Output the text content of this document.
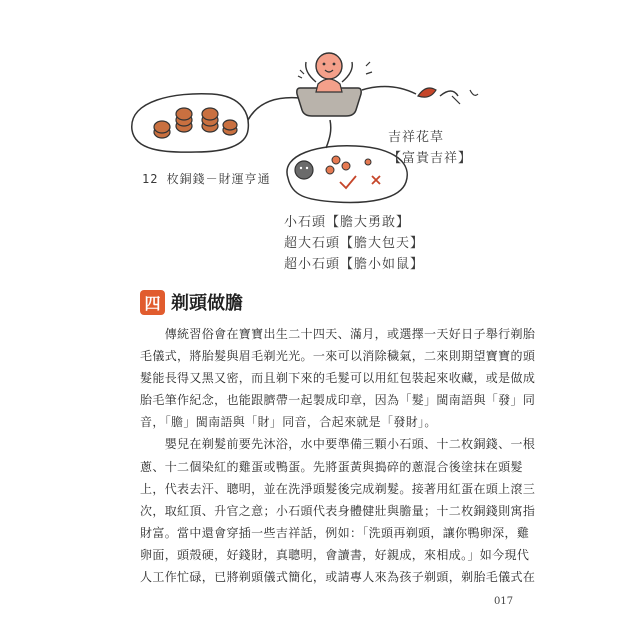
12 枚銅錢－財運亨通

吉祥花草
【富貴吉祥】
小石頭【膽大勇敢】
超大石頭【膽大包天】
超小石頭【膽小如鼠】
四 剃頭做膽

　　傳統習俗會在寶寶出生二十四天、滿月，或選擇一天好日子舉行剃胎

毛儀式，將胎髮與眉毛剃光光。一來可以消除穢氣，二來則期望寶寶的頭

髮能長得又黑又密，而且剃下來的毛髮可以用紅包裝起來收藏，或是做成

胎毛筆作紀念，也能跟臍帶一起製成印章，因為「髮」閩南語與「發」同

音，「膽」閩南語與「財」同音，合起來就是「發財」。

　　嬰兒在剃髮前要先沐浴，水中要準備三顆小石頭、十二枚銅錢、一根

蔥、十二個染紅的雞蛋或鴨蛋。先將蛋黃與搗碎的蔥混合後塗抹在頭髮

上，代表去汗、聰明，並在洗淨頭髮後完成剃髮。接著用紅蛋在頭上滾三

次，取紅頂、升官之意；小石頭代表身體健壯與膽量；十二枚銅錢則寓指

財富。當中還會穿插一些吉祥話，例如：「洗頭再剃頭，讓你鴨卵深，雞

卵面，頭殼硬，好錢財，真聰明，會讀書，好親成，來相成。」如今現代

人工作忙碌，已將剃頭儀式簡化，或請專人來為孩子剃頭，剃胎毛儀式在

017
